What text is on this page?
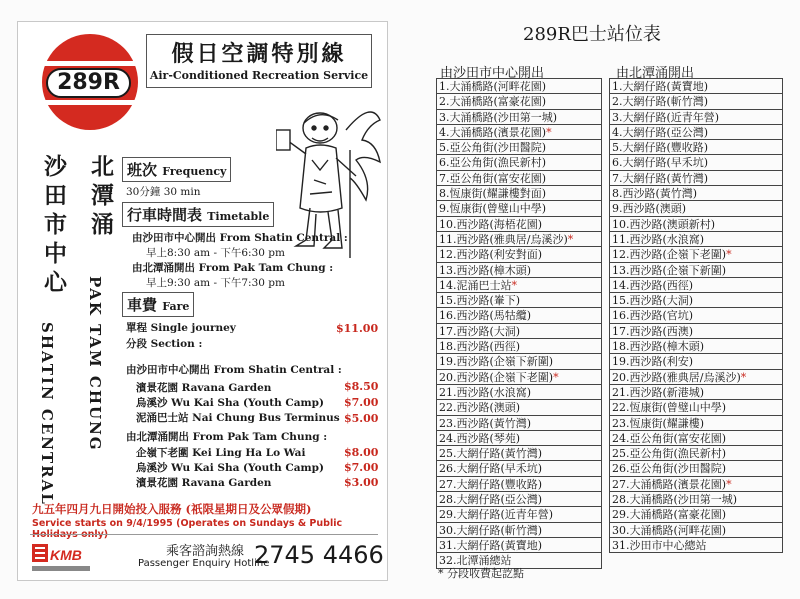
289R
假日空調特別線
Air-Conditioned Recreation Service
沙田市中心
SHATIN CENTRAL
北潭涌
PAK TAM CHUNG
班次 Frequency
30分鐘 30 min
行車時間表 Timetable
由沙田市中心開出 From Shatin Central :
早上8:30 am - 下午6:30 pm
由北潭涌開出 From Pak Tam Chung :
早上9:30 am - 下午7:30 pm
車費 Fare
單程 Single journey	$11.00
分段 Section :
由沙田市中心開出 From Shatin Central :
濱景花園 Ravana Garden	$8.50
烏溪沙 Wu Kai Sha (Youth Camp) $7.00
泥涌巴士站 Nai Chung Bus Terminus $5.00
由北潭涌開出 From Pak Tam Chung :
企嶺下老圍 Kei Ling Ha Lo Wai	$8.00
烏溪沙 Wu Kai Sha (Youth Camp) $7.00
濱景花園 Ravana Garden	$3.00
九五年四月九日開始投入服務 (祇限星期日及公眾假期)
Service starts on 9/4/1995 (Operates on Sundays & Public
KMB	乘客諮詢熱線
Passenger Enquiry Hotline
2745 4466
289R巴士站位表
由沙田市中心開出	由北潭涌開出
1.大涌橋路(河畔花園)
2.大涌橋路(富豪花園)
3.大涌橋路(沙田第一城)
4.大涌橋路(濱景花園)*
5.亞公角街(沙田醫院)
6.亞公角街(漁民新村)
7.亞公角街(富安花園)
8.恆康街(耀謙樓對面)
9.恆康街(曾璧山中學)
10.西沙路(海梧花園)
11.西沙路(雅典居/烏溪沙)*
12.西沙路(利安對面)
13.西沙路(樟木頭)
14.泥涌巴士站*
15.西沙路(輋下)
16.西沙路(馬牯纜)
17.西沙路(大洞)
18.西沙路(西徑)
19.西沙路(企嶺下新圍)
20.西沙路(企嶺下老圍)*
21.西沙路(水浪窩)
22.西沙路(澳頭)
23.西沙路(黃竹灣)
24.西沙路(琴苑)
25.大網仔路(黃竹灣)
26.大網仔路(早禾坑)
27.大網仔路(豐收路)
28.大網仔路(亞公灣)
29.大網仔路(近青年營)
30.大網仔路(斬竹灣)
31.大網仔路(黃寶地)
32.北潭涌總站
1.大網仔路(黃寶地)
2.大網仔路(斬竹灣)
3.大網仔路(近青年營)
4.大網仔路(亞公灣)
5.大網仔路(豐收路)
6.大網仔路(早禾坑)
7.大網仔路(黃竹灣)
8.西沙路(黃竹灣)
9.西沙路(澳頭)
10.西沙路(澳頭新村)
11.西沙路(水浪窩)
12.西沙路(企嶺下老圍)*
13.西沙路(企嶺下新圍)
14.西沙路(西徑)
15.西沙路(大洞)
16.西沙路(官坑)
17.西沙路(西澳)
18.西沙路(樟木頭)
19.西沙路(利安)
20.西沙路(雅典居/烏溪沙)*
21.西沙路(新港城)
22.恆康街(曾璧山中學)
23.恆康街(耀謙樓)
24.亞公角街(富安花園)
25.亞公角街(漁民新村)
26.亞公角街(沙田醫院)
27.大涌橋路(濱景花園)*
28.大涌橋路(沙田第一城)
29.大涌橋路(富豪花園)
30.大涌橋路(河畔花園)
31.沙田市中心總站
* 分段收費起訖點
